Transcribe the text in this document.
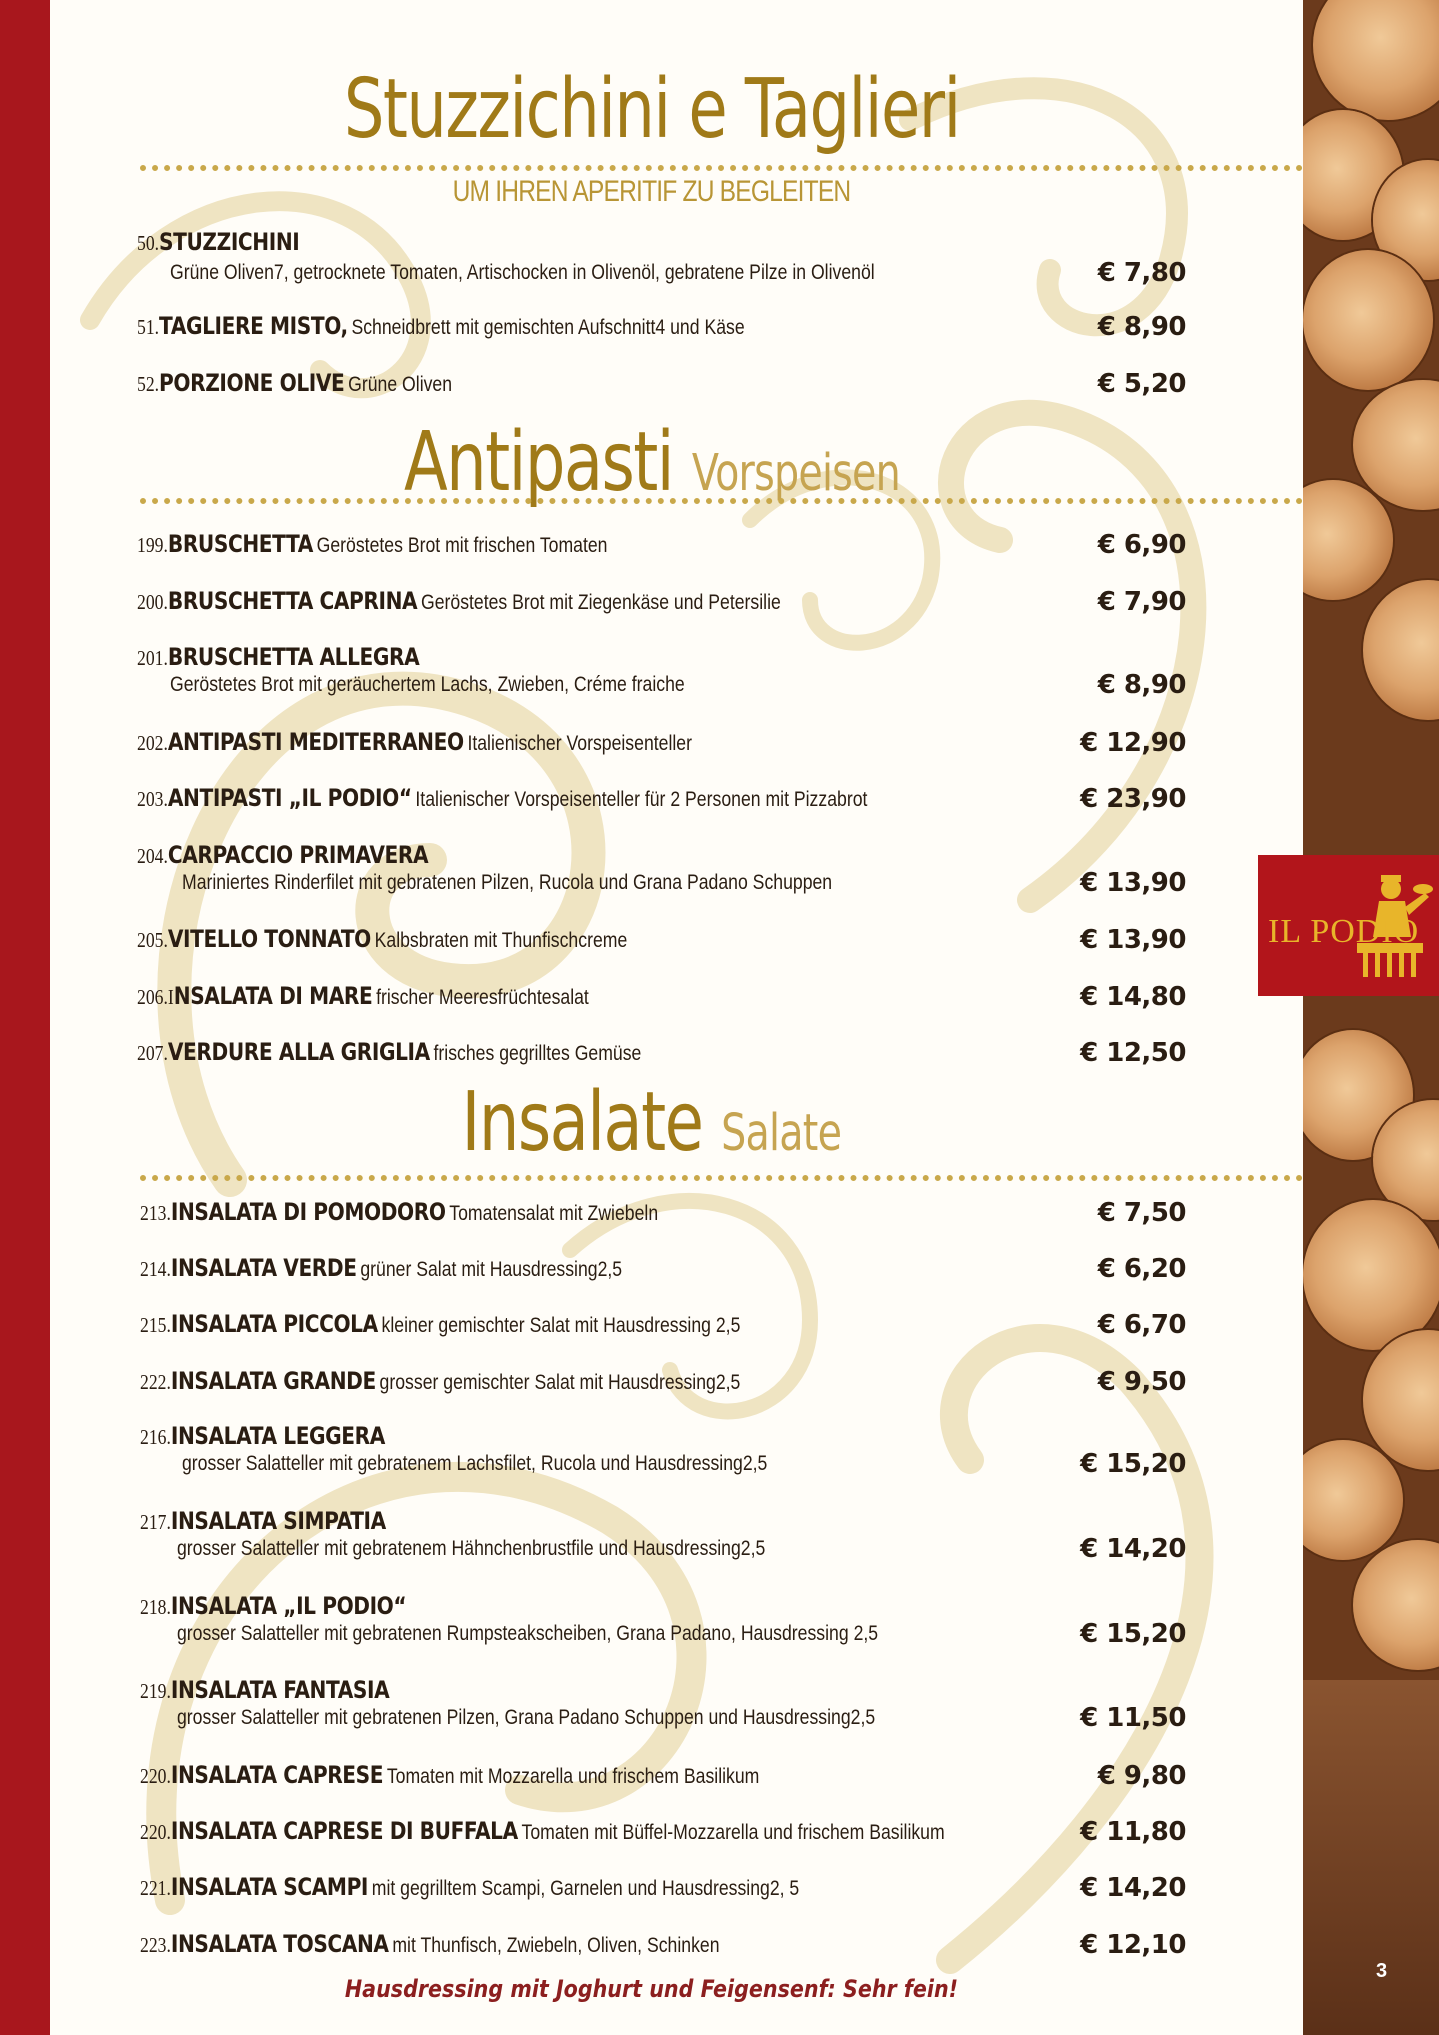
IL PODIO
3
Stuzzichini e Taglieri
UM IHREN APERITIF ZU BEGLEITEN
50.STUZZICHINI
Grüne Oliven7, getrocknete Tomaten, Artischocken in Olivenöl, gebratene Pilze in Olivenöl	€ 7,80
51.TAGLIERE MISTO, Schneidbrett mit gemischten Aufschnitt4 und Käse	€ 8,90
52.PORZIONE OLIVE Grüne Oliven	€ 5,20
Antipasti Vorspeisen
199.BRUSCHETTA Geröstetes Brot mit frischen Tomaten	€ 6,90
200.BRUSCHETTA CAPRINA Geröstetes Brot mit Ziegenkäse und Petersilie	€ 7,90
201.BRUSCHETTA ALLEGRA
Geröstetes Brot mit geräuchertem Lachs, Zwieben, Créme fraiche	€ 8,90
202.ANTIPASTI MEDITERRANEO Italienischer Vorspeisenteller	€ 12,90
203.ANTIPASTI „IL PODIO“ Italienischer Vorspeisenteller für 2 Personen mit Pizzabrot	€ 23,90
204.CARPACCIO PRIMAVERA
Mariniertes Rinderfilet mit gebratenen Pilzen, Rucola und Grana Padano Schuppen	€ 13,90
205.VITELLO TONNATO Kalbsbraten mit Thunfischcreme	€ 13,90
206.INSALATA DI MARE frischer Meeresfrüchtesalat	€ 14,80
207.VERDURE ALLA GRIGLIA frisches gegrilltes Gemüse	€ 12,50
Insalate Salate
213.INSALATA DI POMODORO Tomatensalat mit Zwiebeln	€ 7,50
214.INSALATA VERDE grüner Salat mit Hausdressing2,5	€ 6,20
215.INSALATA PICCOLA kleiner gemischter Salat mit Hausdressing 2,5	€ 6,70
222.INSALATA GRANDE grosser gemischter Salat mit Hausdressing2,5	€ 9,50
216.INSALATA LEGGERA
grosser Salatteller mit gebratenem Lachsfilet, Rucola und Hausdressing2,5	€ 15,20
217.INSALATA SIMPATIA
grosser Salatteller mit gebratenem Hähnchenbrustfile und Hausdressing2,5	€ 14,20
218.INSALATA „IL PODIO“
grosser Salatteller mit gebratenen Rumpsteakscheiben, Grana Padano, Hausdressing 2,5	€ 15,20
219.INSALATA FANTASIA
grosser Salatteller mit gebratenen Pilzen, Grana Padano Schuppen und Hausdressing2,5	€ 11,50
220.INSALATA CAPRESE Tomaten mit Mozzarella und frischem Basilikum	€ 9,80
220.INSALATA CAPRESE DI BUFFALA Tomaten mit Büffel-Mozzarella und frischem Basilikum	€ 11,80
221.INSALATA SCAMPI mit gegrilltem Scampi, Garnelen und Hausdressing2, 5	€ 14,20
223.INSALATA TOSCANA mit Thunfisch, Zwiebeln, Oliven, Schinken	€ 12,10
Hausdressing mit Joghurt und Feigensenf: Sehr fein!
